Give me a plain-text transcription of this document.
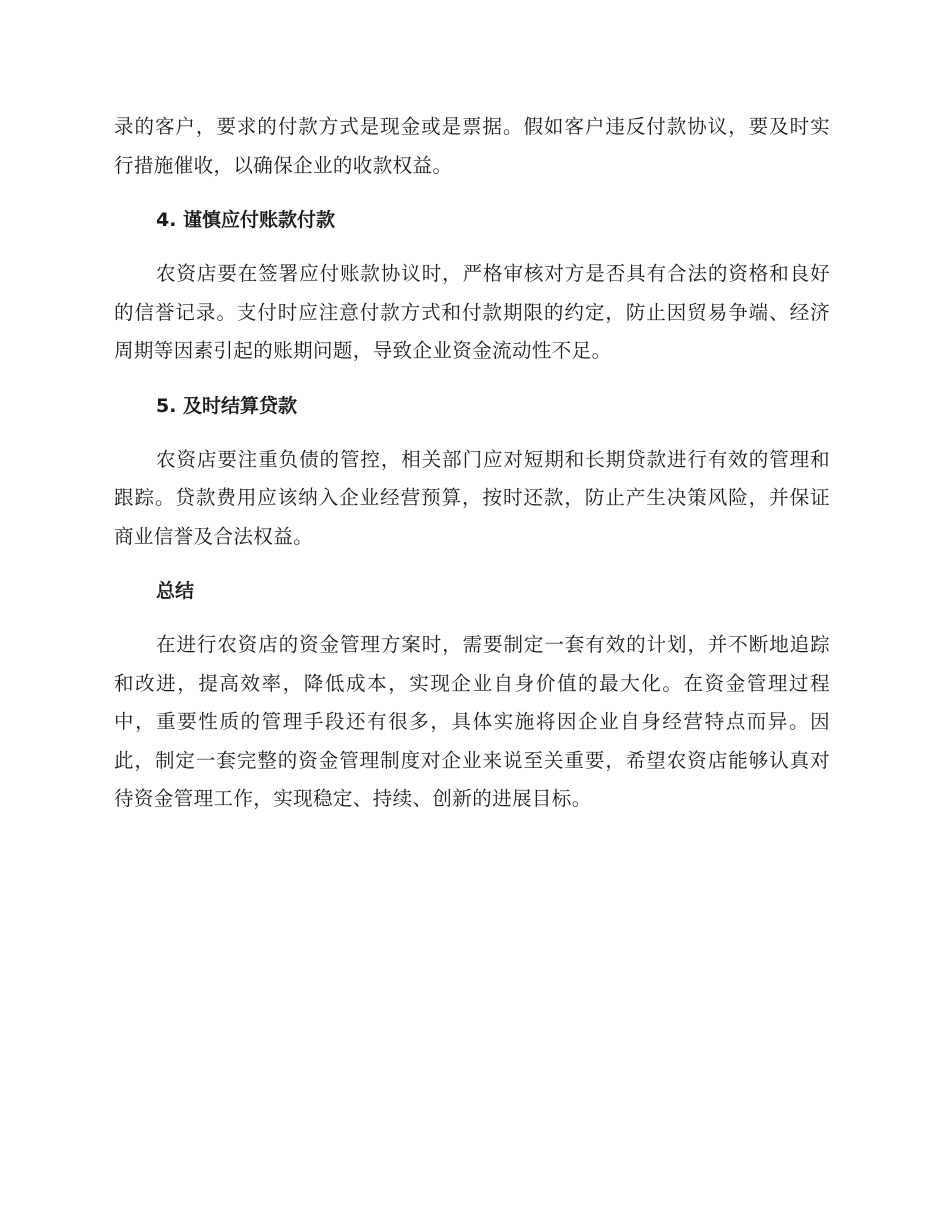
录的客户，要求的付款方式是现金或是票据。假如客户违反付款协议，要及时实行措施催收，以确保企业的收款权益。

4. 谨慎应付账款付款

农资店要在签署应付账款协议时，严格审核对方是否具有合法的资格和良好的信誉记录。支付时应注意付款方式和付款期限的约定，防止因贸易争端、经济周期等因素引起的账期问题，导致企业资金流动性不足。

5. 及时结算贷款

农资店要注重负债的管控，相关部门应对短期和长期贷款进行有效的管理和跟踪。贷款费用应该纳入企业经营预算，按时还款，防止产生决策风险，并保证商业信誉及合法权益。

总结

在进行农资店的资金管理方案时，需要制定一套有效的计划，并不断地追踪和改进，提高效率，降低成本，实现企业自身价值的最大化。在资金管理过程中，重要性质的管理手段还有很多，具体实施将因企业自身经营特点而异。因此，制定一套完整的资金管理制度对企业来说至关重要，希望农资店能够认真对待资金管理工作，实现稳定、持续、创新的进展目标。
